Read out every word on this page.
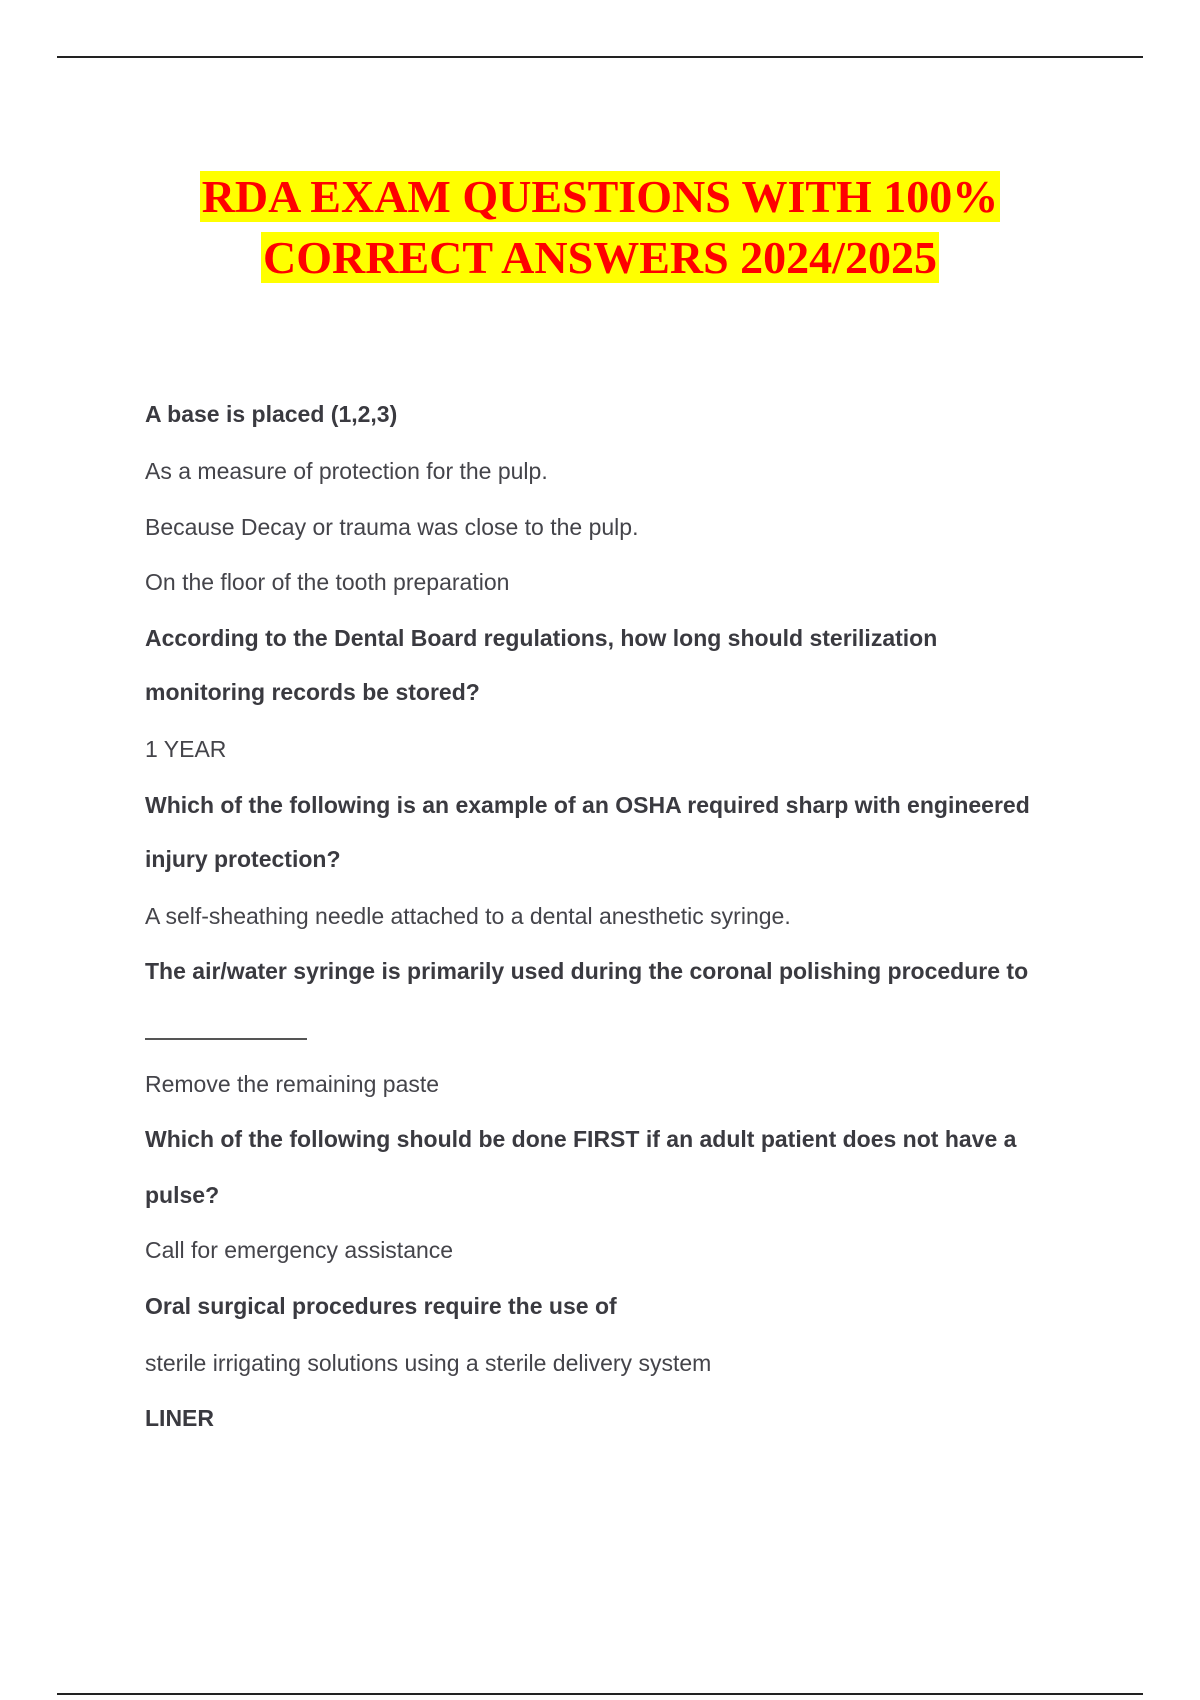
RDA EXAM QUESTIONS WITH 100%
CORRECT ANSWERS 2024/2025
A base is placed (1,2,3)
As a measure of protection for the pulp.
Because Decay or trauma was close to the pulp.
On the floor of the tooth preparation
According to the Dental Board regulations, how long should sterilization
monitoring records be stored?
1 YEAR
Which of the following is an example of an OSHA required sharp with engineered
injury protection?
A self-sheathing needle attached to a dental anesthetic syringe.
The air/water syringe is primarily used during the coronal polishing procedure to
Remove the remaining paste
Which of the following should be done FIRST if an adult patient does not have a
pulse?
Call for emergency assistance
Oral surgical procedures require the use of
sterile irrigating solutions using a sterile delivery system
LINER
